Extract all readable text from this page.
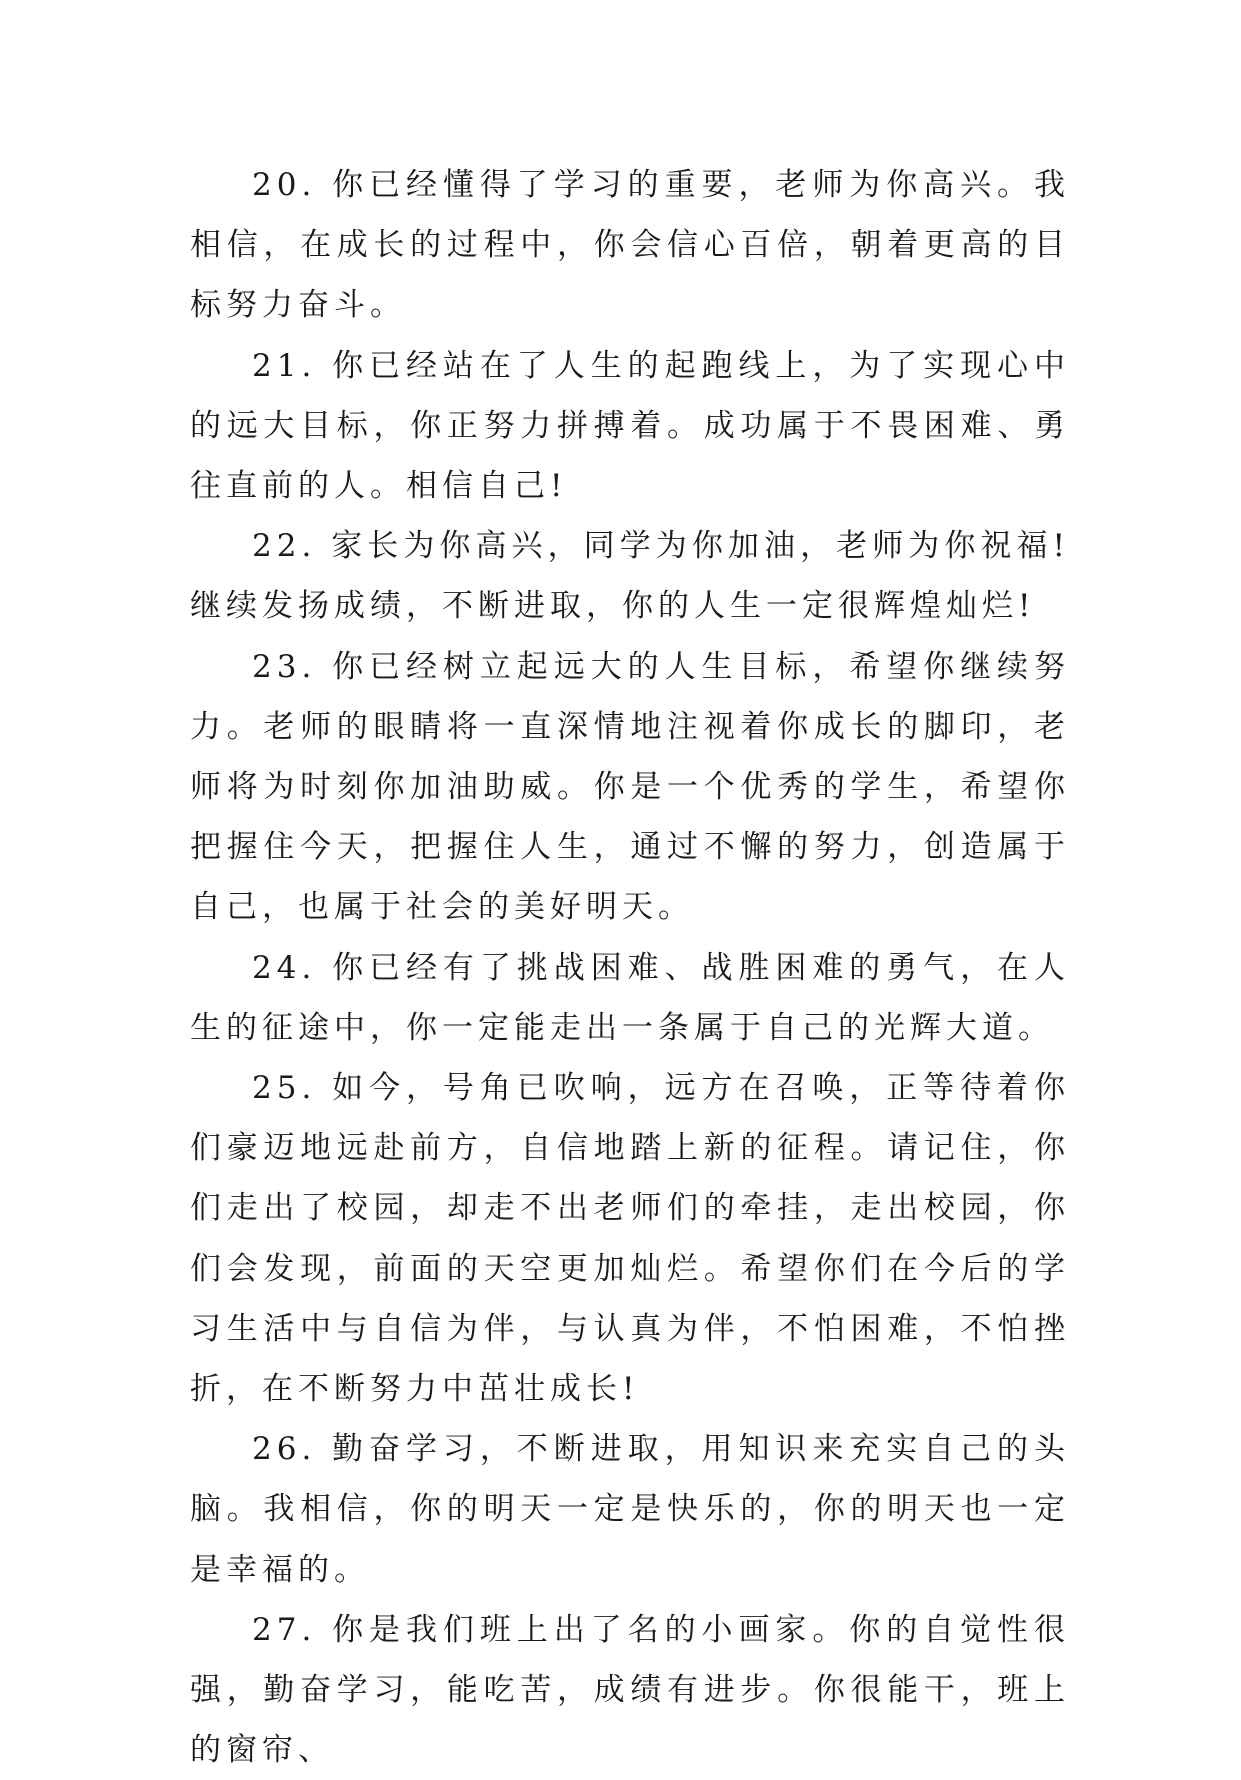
20. 你已经懂得了学习的重要，老师为你高兴。我相信，在成长的过程中，你会信心百倍，朝着更高的目标努力奋斗。

21. 你已经站在了人生的起跑线上，为了实现心中的远大目标，你正努力拼搏着。成功属于不畏困难、勇往直前的人。相信自己!

22. 家长为你高兴，同学为你加油，老师为你祝福!继续发扬成绩，不断进取，你的人生一定很辉煌灿烂!

23. 你已经树立起远大的人生目标，希望你继续努力。老师的眼睛将一直深情地注视着你成长的脚印，老师将为时刻你加油助威。你是一个优秀的学生，希望你把握住今天，把握住人生，通过不懈的努力，创造属于自己，也属于社会的美好明天。

24. 你已经有了挑战困难、战胜困难的勇气，在人生的征途中，你一定能走出一条属于自己的光辉大道。

25. 如今，号角已吹响，远方在召唤，正等待着你们豪迈地远赴前方，自信地踏上新的征程。请记住，你们走出了校园，却走不出老师们的牵挂，走出校园，你们会发现，前面的天空更加灿烂。希望你们在今后的学习生活中与自信为伴，与认真为伴，不怕困难，不怕挫折，在不断努力中茁壮成长!

26. 勤奋学习，不断进取，用知识来充实自己的头脑。我相信，你的明天一定是快乐的，你的明天也一定是幸福的。

27. 你是我们班上出了名的小画家。你的自觉性很强，勤奋学习，能吃苦，成绩有进步。你很能干，班上的窗帘、
